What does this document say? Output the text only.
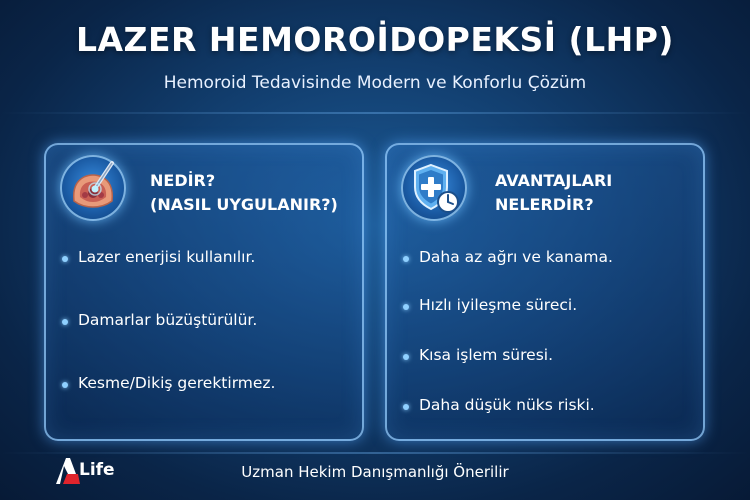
LAZER HEMOROİDOPEKSİ (LHP)
Hemoroid Tedavisinde Modern ve Konforlu Çözüm
NEDİR?
(NASIL UYGULANIR?)
Lazer enerjisi kullanılır.
Damarlar büzüştürülür.
Kesme/Dikiş gerektirmez.
AVANTAJLARI
NELERDİR?
Daha az ağrı ve kanama.
Hızlı iyileşme süreci.
Kısa işlem süresi.
Daha düşük nüks riski.
Life	Uzman Hekim Danışmanlığı Önerilir
